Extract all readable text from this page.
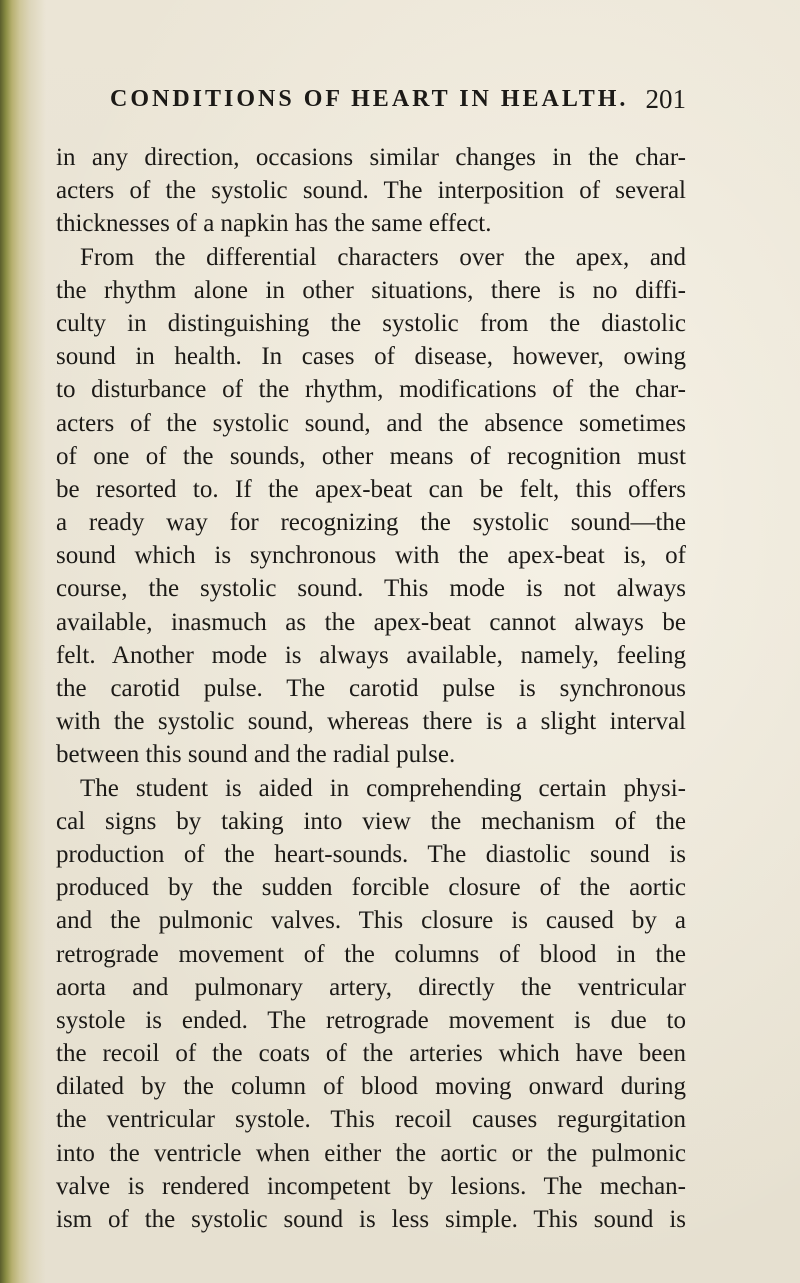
CONDITIONS OF HEART IN HEALTH. 201
in any direction, occasions similar changes in the char-
acters of the systolic sound. The interposition of several
thicknesses of a napkin has the same effect.
From the differential characters over the apex, and
the rhythm alone in other situations, there is no diffi-
culty in distinguishing the systolic from the diastolic
sound in health. In cases of disease, however, owing
to disturbance of the rhythm, modifications of the char-
acters of the systolic sound, and the absence sometimes
of one of the sounds, other means of recognition must
be resorted to. If the apex-beat can be felt, this offers
a ready way for recognizing the systolic sound—the
sound which is synchronous with the apex-beat is, of
course, the systolic sound. This mode is not always
available, inasmuch as the apex-beat cannot always be
felt. Another mode is always available, namely, feeling
the carotid pulse. The carotid pulse is synchronous
with the systolic sound, whereas there is a slight interval
between this sound and the radial pulse.
The student is aided in comprehending certain physi-
cal signs by taking into view the mechanism of the
production of the heart-sounds. The diastolic sound is
produced by the sudden forcible closure of the aortic
and the pulmonic valves. This closure is caused by a
retrograde movement of the columns of blood in the
aorta and pulmonary artery, directly the ventricular
systole is ended. The retrograde movement is due to
the recoil of the coats of the arteries which have been
dilated by the column of blood moving onward during
the ventricular systole. This recoil causes regurgitation
into the ventricle when either the aortic or the pulmonic
valve is rendered incompetent by lesions. The mechan-
ism of the systolic sound is less simple. This sound is
